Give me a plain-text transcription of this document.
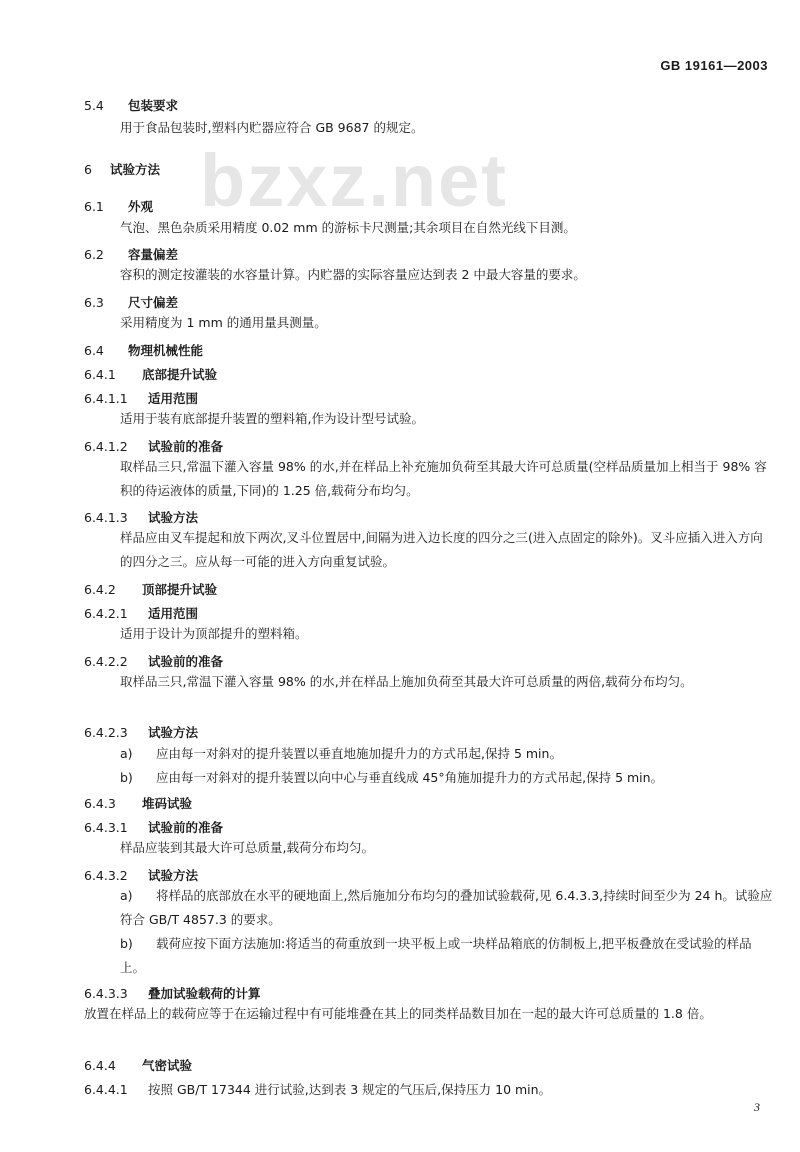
GB 19161—2003
bzxz.net
5.4 包装要求
用于食品包装时,塑料内贮器应符合 GB 9687 的规定。
6 试验方法
6.1 外观
气泡、黑色杂质采用精度 0.02 mm 的游标卡尺测量;其余项目在自然光线下目测。
6.2 容量偏差
容积的测定按灌装的水容量计算。内贮器的实际容量应达到表 2 中最大容量的要求。
6.3 尺寸偏差
采用精度为 1 mm 的通用量具测量。
6.4 物理机械性能
6.4.1 底部提升试验
6.4.1.1 适用范围
适用于装有底部提升装置的塑料箱,作为设计型号试验。
6.4.1.2 试验前的准备
取样品三只,常温下灌入容量 98% 的水,并在样品上补充施加负荷至其最大许可总质量(空样品质量加上相当于 98% 容积的待运液体的质量,下同)的 1.25 倍,载荷分布均匀。
6.4.1.3 试验方法
样品应由叉车提起和放下两次,叉斗位置居中,间隔为进入边长度的四分之三(进入点固定的除外)。叉斗应插入进入方向的四分之三。应从每一可能的进入方向重复试验。
6.4.2 顶部提升试验
6.4.2.1 适用范围
适用于设计为顶部提升的塑料箱。
6.4.2.2 试验前的准备
取样品三只,常温下灌入容量 98% 的水,并在样品上施加负荷至其最大许可总质量的两倍,载荷分布均匀。
6.4.2.3 试验方法
a) 应由每一对斜对的提升装置以垂直地施加提升力的方式吊起,保持 5 min。
b) 应由每一对斜对的提升装置以向中心与垂直线成 45°角施加提升力的方式吊起,保持 5 min。
6.4.3 堆码试验
6.4.3.1 试验前的准备
样品应装到其最大许可总质量,载荷分布均匀。
6.4.3.2 试验方法
a) 将样品的底部放在水平的硬地面上,然后施加分布均匀的叠加试验载荷,见 6.4.3.3,持续时间至少为 24 h。试验应符合 GB/T 4857.3 的要求。
b) 载荷应按下面方法施加:将适当的荷重放到一块平板上或一块样品箱底的仿制板上,把平板叠放在受试验的样品上。
6.4.3.3 叠加试验载荷的计算
放置在样品上的载荷应等于在运输过程中有可能堆叠在其上的同类样品数目加在一起的最大许可总质量的 1.8 倍。
6.4.4 气密试验
6.4.4.1 按照 GB/T 17344 进行试验,达到表 3 规定的气压后,保持压力 10 min。
3
